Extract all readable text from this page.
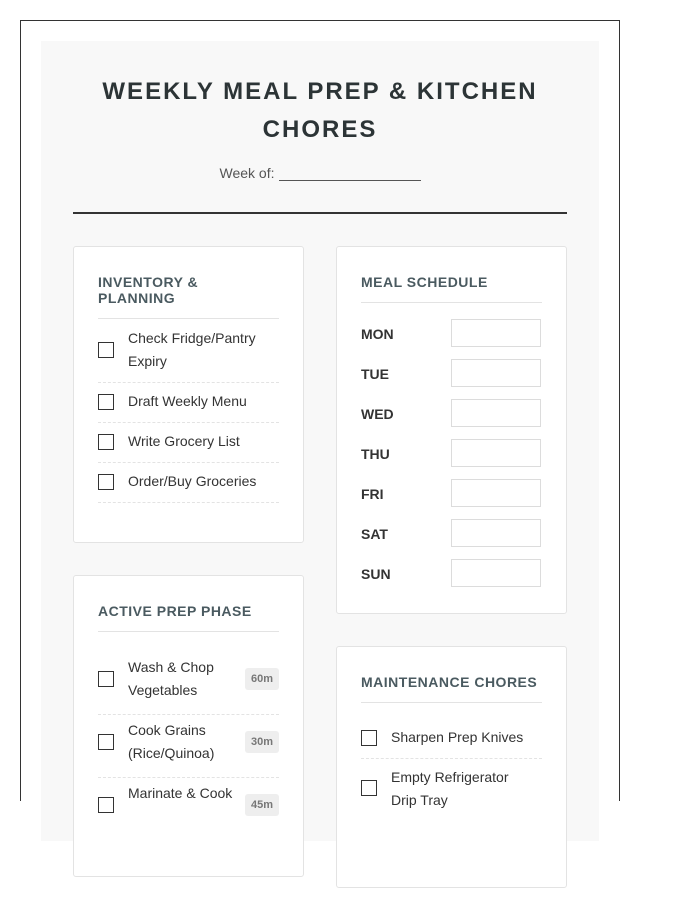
WEEKLY MEAL PREP & KITCHEN
CHORES
Week of:
INVENTORY & PLANNING
Check Fridge/Pantry
Expiry
Draft Weekly Menu
Write Grocery List
Order/Buy Groceries
MEAL SCHEDULE
MON
TUE
WED
THU
FRI
SAT
SUN
ACTIVE PREP PHASE
Wash & Chop
Vegetables
60m
Cook Grains
(Rice/Quinoa)
30m
Marinate & Cook
45m
MAINTENANCE CHORES
Sharpen Prep Knives
Empty Refrigerator
Drip Tray
